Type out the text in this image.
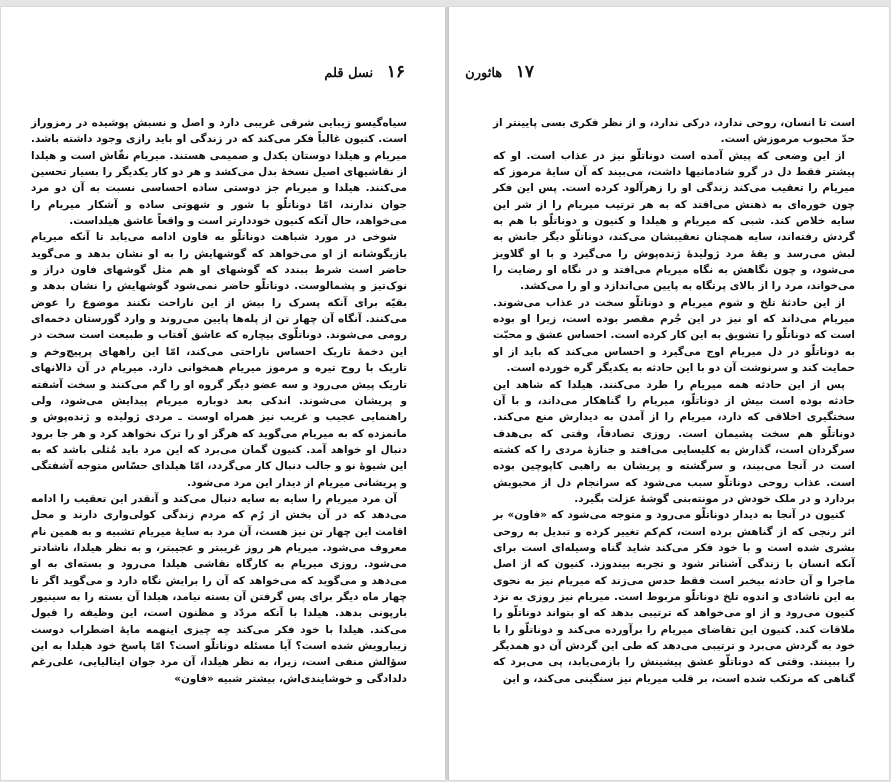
۱۶ نسل قلم

سیاه‌گیسو زیبایی شرقی غریبی دارد و اصل و نسبش پوشیده در رمزوراز است. کنیون غالباً فکر می‌کند که در زندگی او باید رازی وجود داشته باشد. میریام و هیلدا دوستان یکدل و صمیمی هستند. میریام نقّاش است و هیلدا از نقاشیهای اصیل نسخهٔ بدل می‌کشد و هر دو کار یکدیگر را بسیار تحسین می‌کنند. هیلدا و میریام جز دوستی ساده احساسی نسبت به آن دو مرد جوان ندارند، امّا دوناتلّو با شور و شهوتی ساده و آشکار میریام را می‌خواهد، حال آنکه کنیون خوددارتر است و واقعاً عاشق هیلداست.

شوخی در مورد شباهت دوناتلّو به فاون ادامه می‌یابد تا آنکه میریام بازیگوشانه از او می‌خواهد که گوشهایش را به او نشان بدهد و می‌گوید حاضر است شرط ببندد که گوشهای او هم مثل گوشهای فاون دراز و نوک‌تیز و پشمالوست. دوناتلّو حاضر نمی‌شود گوشهایش را نشان بدهد و بقیّه برای آنکه پسرک را بیش از این ناراحت نکنند موضوع را عوض می‌کنند. آنگاه آن چهار تن از پله‌ها پایین می‌روند و وارد گورستان دخمه‌ای رومی می‌شوند. دوناتلّوی بیچاره که عاشق آفتاب و طبیعت است سخت در این دخمهٔ تاریک احساس ناراحتی می‌کند، امّا این راههای پرپیچ‌وخم و تاریک با روح تیره و مرموز میریام همخوانی دارد. میریام در آن دالانهای تاریک پیش می‌رود و سه عضو دیگر گروه او را گم می‌کنند و سخت آشفته و پریشان می‌شوند. اندکی بعد دوباره میریام پیدایش می‌شود، ولی راهنمایی عجیب و غریب نیز همراه اوست ـ مردی ژولیده و ژنده‌پوش و مانمزده که به میریام می‌گوید که هرگز او را ترک نخواهد کرد و هر جا برود دنبال او خواهد آمد. کنیون گمان می‌برد که این مرد باید مُثلی باشد که به این شیوهٔ نو و جالب دنبال کار می‌گردد، امّا هیلدای حسّاس متوجه آشفتگی و پریشانی میریام از دیدار این مرد می‌شود.

آن مرد میریام را سایه به سایه دنبال می‌کند و آنقدر این تعقیب را ادامه می‌دهد که در آن بخش از رُم که مردم زندگی کولی‌واری دارند و محل اقامت این چهار تن نیز هست، آن مرد به سایهٔ میریام تشبیه و به همین نام معروف می‌شود. میریام هر روز غریبتر و عجیبتر، و به نظر هیلدا، ناشادتر می‌شود. روزی میریام به کارگاه نقاشی هیلدا می‌رود و بسته‌ای به او می‌دهد و می‌گوید که می‌خواهد که آن را برایش نگاه دارد و می‌گوید اگر تا چهار ماه دیگر برای پس گرفتن آن بسته نیامد، هیلدا آن بسته را به سینیور بارپونی بدهد. هیلدا با آنکه مردّد و مظنون است، این وظیفه را قبول می‌کند. هیلدا با خود فکر می‌کند چه چیزی اینهمه مایهٔ اضطراب دوست زیبارویش شده است؟ آیا مسئله دوناتلّو است؟ امّا پاسخ خود هیلدا به این سؤالش منفی است، زیرا، به نظر هیلدا، آن مرد جوان ایتالیایی، علی‌رغم دلدادگی و خوشایندی‌اش، بیشتر شبیه «فاون»

۱۷ هاثورن

است تا انسان، روحی ندارد، درکی ندارد، و از نظر فکری بسی پایینتر از حدّ محبوب مرموزش است.

از این وضعی که پیش آمده است دوناتلّو نیز در عذاب است. او که پیشتر فقط دل در گرو شادمانیها داشت، می‌بیند که آن سایهٔ مرموز که میریام را تعقیب می‌کند زندگی او را زهرآلود کرده است. پس این فکر چون خوره‌ای به ذهنش می‌افتد که به هر ترتیب میریام را از شر این سایه خلاص کند. شبی که میریام و هیلدا و کنیون و دوناتلّو با هم به گردش رفته‌اند، سایه همچنان تعقیبشان می‌کند، دوناتلّو دیگر جانش به لبش می‌رسد و یقهٔ مرد ژولیدهٔ ژنده‌پوش را می‌گیرد و با او گلاویز می‌شود، و چون نگاهش به نگاه میریام می‌افتد و در نگاه او رضایت را می‌خواند، مرد را از بالای پرتگاه به پایین می‌اندازد و او را می‌کشد.

از این حادثهٔ تلخ و شوم میریام و دوناتلّو سخت در عذاب می‌شوند. میریام می‌داند که او نیز در این جُرم مقصر بوده است، زیرا او بوده است که دوناتلّو را تشویق به این کار کرده است. احساس عشق و محبّت به دوناتلّو در دل میریام اوج می‌گیرد و احساس می‌کند که باید از او حمایت کند و سرنوشت آن دو با این حادثه به یکدیگر گره خورده است.

پس از این حادثه همه میریام را طرد می‌کنند. هیلدا که شاهد این حادثه بوده است بیش از دوناتلّو، میریام را گناهکار می‌داند، و با آن سختگیری اخلاقی که دارد، میریام را از آمدن به دیدارش منع می‌کند. دوناتلّو هم سخت پشیمان است. روزی تصادفاً، وقتی که بی‌هدف سرگردان است، گذارش به کلیسایی می‌افتد و جنازهٔ مردی را که کشته است در آنجا می‌بیند، و سرگشته و پریشان به راهبی کاپوچین بوده است. عذاب روحی دوناتلّو سبب می‌شود که سرانجام دل از محبوبش بردارد و در ملک خودش در مونته‌بنی گوشهٔ عزلت بگیرد.

کنیون در آنجا به دیدار دوناتلّو می‌رود و متوجه می‌شود که «فاون» بر اثر رنجی که از گناهش برده است، کم‌کم تغییر کرده و تبدیل به روحی بشری شده است و با خود فکر می‌کند شاید گناه وسیله‌ای است برای آنکه انسان با زندگی آشناتر شود و تجربه بیندوزد. کنیون که از اصل ماجرا و آن حادثه بیخبر است فقط حدس می‌زند که میریام نیز به نحوی به این ناشادی و اندوه تلخ دوناتلّو مربوط است. میریام نیز روزی به نزد کنیون می‌رود و از او می‌خواهد که ترتیبی بدهد که او بتواند دوناتلّو را ملاقات کند. کنیون این تقاضای میریام را برآورده می‌کند و دوناتلّو را با خود به گردش می‌برد و ترتیبی می‌دهد که طی این گردش آن دو همدیگر را ببینند. وقتی که دوناتلّو عشق پیشینش را بازمی‌یابد، پی می‌برد که گناهی که مرتکب شده است، بر قلب میریام نیز سنگینی می‌کند، و این
